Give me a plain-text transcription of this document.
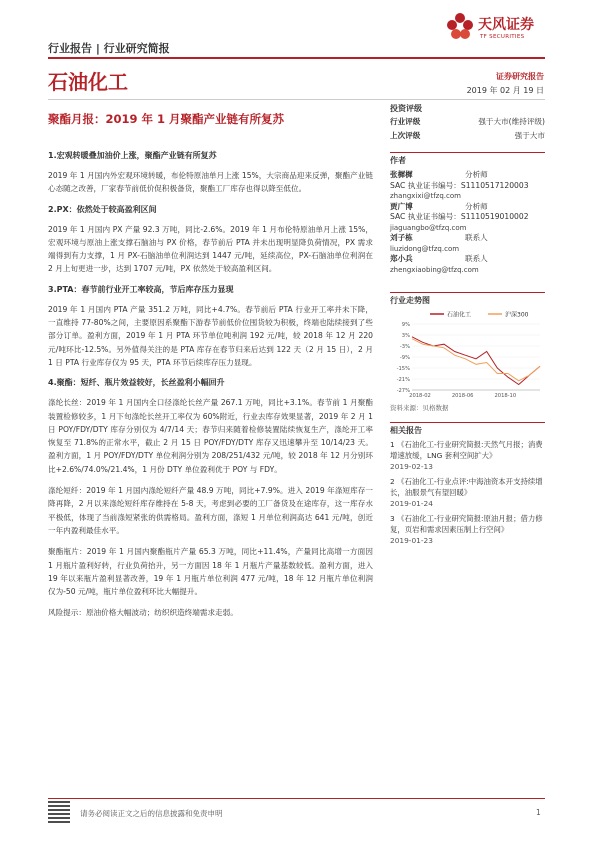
行业报告 | 行业研究简报
天风证券
TF SECURITIES
石油化工	证券研究报告
2019 年 02 月 19 日
聚酯月报：2019 年 1 月聚酯产业链有所复苏
1.宏观转暖叠加油价上涨，聚酯产业链有所复苏

2019 年 1 月国内外宏观环境转暖，布伦特原油单月上涨 15%，大宗商品迎来反弹，聚酯产业链心态随之改善，厂家春节前低价促积极备货，聚酯工厂库存也得以降至低位。

2.PX：依然处于较高盈利区间

2019 年 1 月国内 PX 产量 92.3 万吨，同比-2.6%。2019 年 1 月布伦特原油单月上涨 15%，宏观环境与原油上涨支撑石脑油与 PX 价格，春节前后 PTA 并未出现明显降负荷情况，PX 需求端得到有力支撑，1 月 PX-石脑油单位利润达到 1447 元/吨，延续高位，PX-石脑油单位利润在 2 月上旬更进一步，达到 1707 元/吨，PX 依然处于较高盈利区间。

3.PTA：春节前行业开工率较高，节后库存压力显现

2019 年 1 月国内 PTA 产量 351.2 万吨，同比+4.7%。春节前后 PTA 行业开工率并未下降，一直维持 77-80%之间，主要原因系聚酯下游春节前低价位囤货较为积极，终端也陆续接到了些部分订单。盈利方面，2019 年 1 月 PTA 环节单位吨利润 192 元/吨，较 2018 年 12 月 220 元/吨环比-12.5%。另外值得关注的是 PTA 库存在春节归来后达到 122 天（2 月 15 日），2 月 1 日 PTA 行业库存仅为 95 天，PTA 环节后续库存压力显现。

4.聚酯：短纤、瓶片效益较好，长丝盈利小幅回升

涤纶长丝：2019 年 1 月国内全口径涤纶长丝产量 267.1 万吨，同比+3.1%。春节前 1 月聚酯装置检修较多，1 月下旬涤纶长丝开工率仅为 60%附近，行业去库存效果显著，2019 年 2 月 1 日 POY/FDY/DTY 库存分别仅为 4/7/14 天；春节归来随着检修装置陆续恢复生产，涤纶开工率恢复至 71.8%的正常水平，截止 2 月 15 日 POY/FDY/DTY 库存又迅速攀升至 10/14/23 天。盈利方面，1 月 POY/FDY/DTY 单位利润分别为 208/251/432 元/吨，较 2018 年 12 月分别环比+2.6%/74.0%/21.4%，1 月份 DTY 单位盈利优于 POY 与 FDY。

涤纶短纤：2019 年 1 月国内涤纶短纤产量 48.9 万吨，同比+7.9%。进入 2019 年涤短库存一降再降，2 月以来涤纶短纤库存维持在 5-8 天，考虑到必要的工厂备货及在途库存，这一库存水平极低，体现了当前涤短紧张的供需格局。盈利方面，涤短 1 月单位利润高达 641 元/吨，创近一年内盈利最佳水平。

聚酯瓶片：2019 年 1 月国内聚酯瓶片产量 65.3 万吨，同比+11.4%，产量同比高增一方面因 1 月瓶片盈利好转，行业负荷抬升，另一方面因 18 年 1 月瓶片产量基数较低。盈利方面，进入 19 年以来瓶片盈利显著改善，19 年 1 月瓶片单位利润 477 元/吨，18 年 12 月瓶片单位利润仅为-50 元/吨，瓶片单位盈利环比大幅提升。

风险提示：原油价格大幅波动；纺织织造终端需求走弱。

投资评级
行业评级	强于大市(维持评级)
上次评级	强于大市
作者
张樨樨	分析师
SAC 执业证书编号：S1110517120003
zhangxixi@tfzq.com
贾广博	分析师
SAC 执业证书编号：S1110519010002
jiaguangbo@tfzq.com
刘子栋	联系人
liuzidong@tfzq.com
郑小兵	联系人
zhengxiaobing@tfzq.com
行业走势图
石油化工	沪深300
9%
3%
-3%
-9%
-15%
-21%
-27%
2018-02	2018-06	2018-10
资料来源：贝格数据
相关报告
1 《石油化工-行业研究简报:天然气月报；消费增速放缓，LNG 套利空间扩大》
2019-02-13
2 《石油化工-行业点评:中海油资本开支持续增长，油服景气有望回暖》
2019-01-24
3 《石油化工-行业研究简报:原油月报；借力修复，页岩和需求因素压制上行空间》
2019-01-23
请务必阅读正文之后的信息披露和免责申明	1
